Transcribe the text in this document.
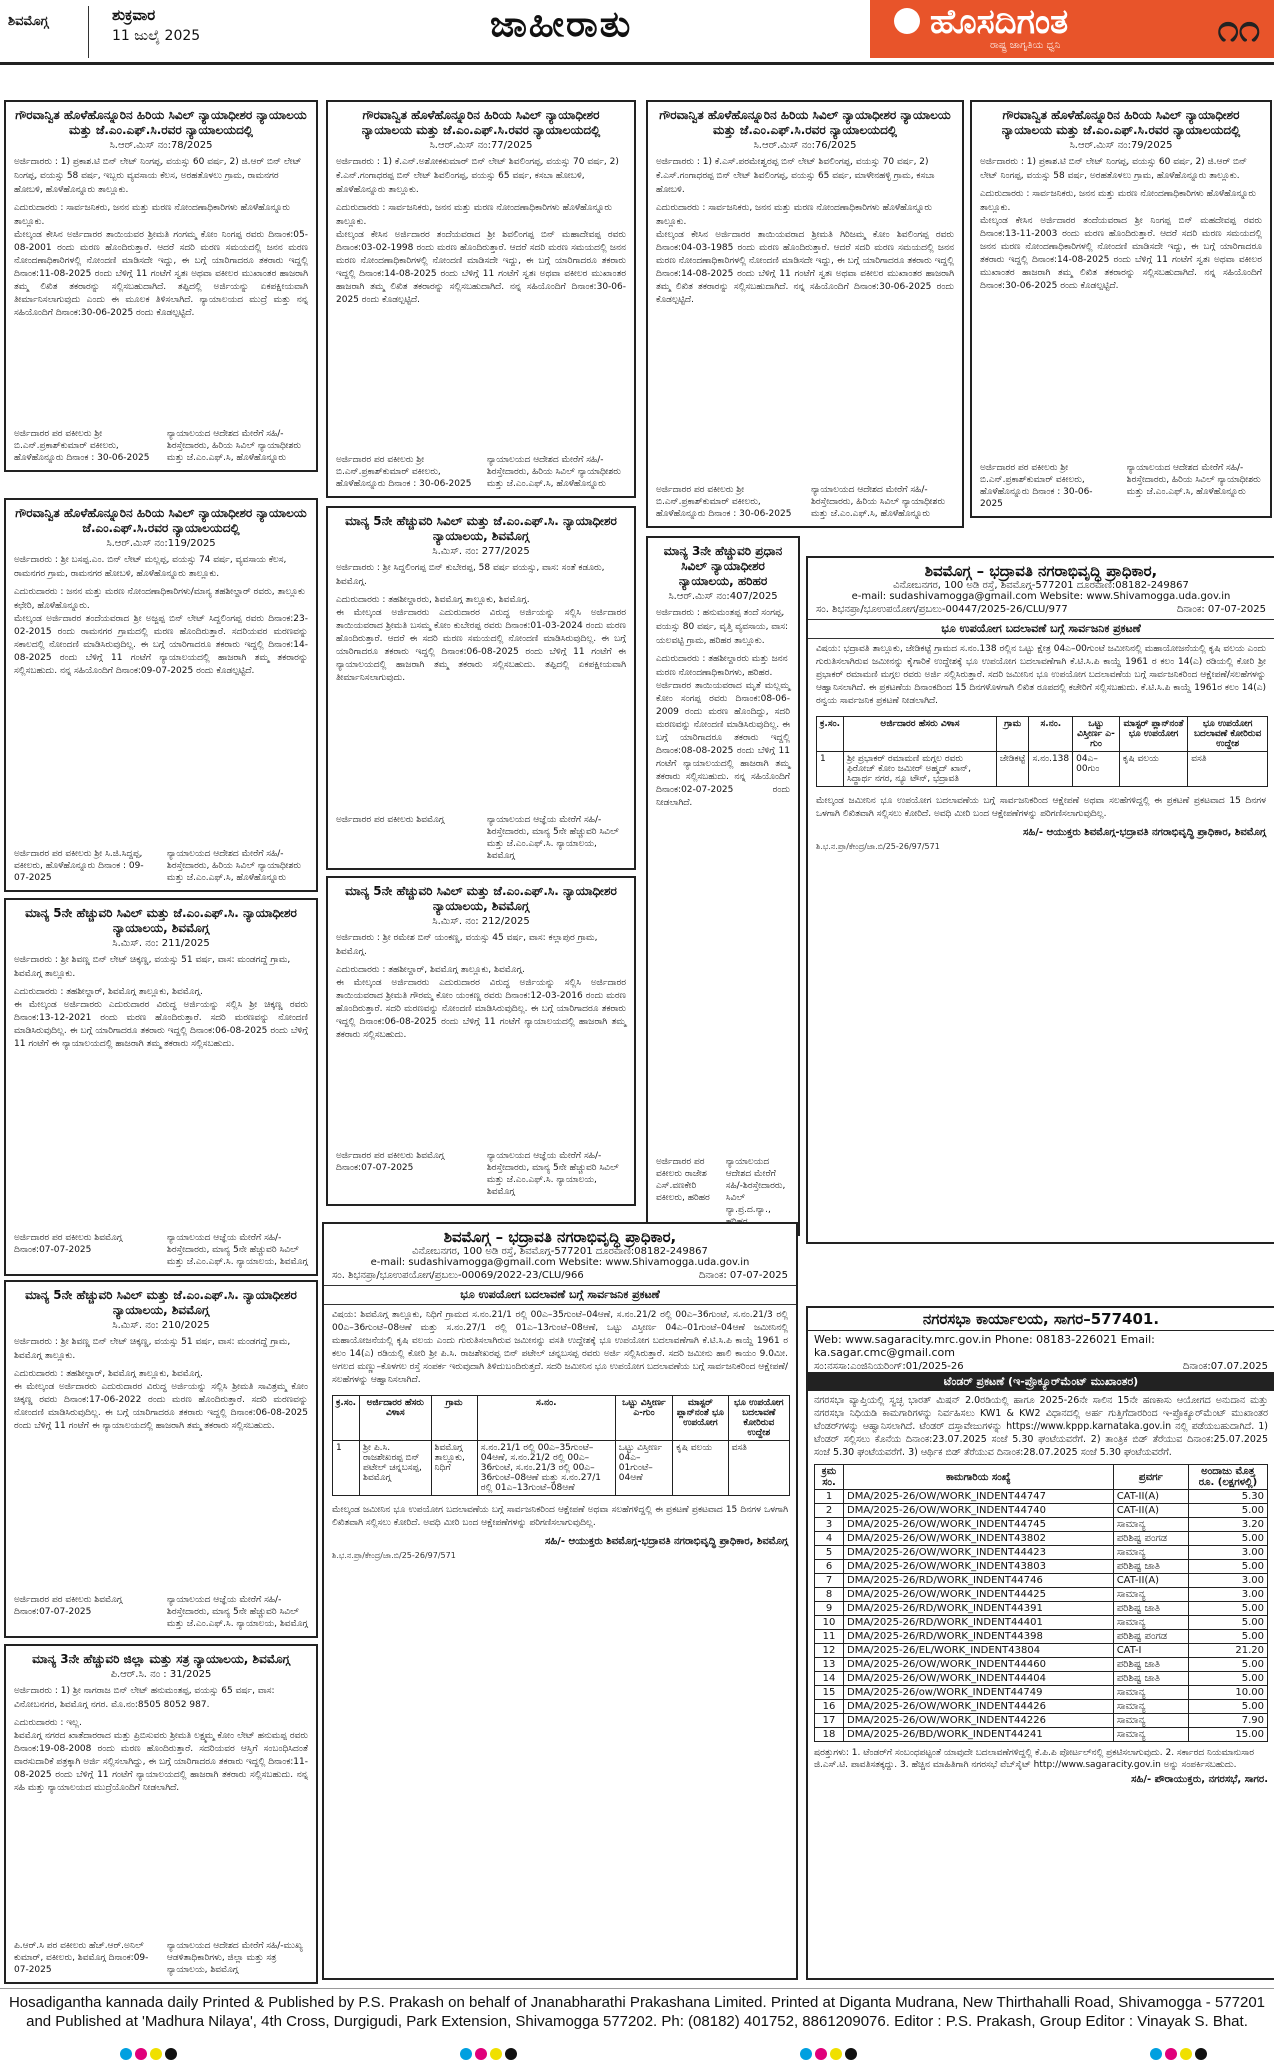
ಶಿವಮೊಗ್ಗ	ಶುಕ್ರವಾರ
11 ಜುಲೈ 2025	ಜಾಹೀರಾತು	ಹೊಸದಿಗಂತ
ರಾಷ್ಟ್ರ ಜಾಗೃತಿಯ ಧ್ವನಿ	೧೧
ಗೌರವಾನ್ವಿತ ಹೊಳೆಹೊನ್ನೂರಿನ ಹಿರಿಯ ಸಿವಿಲ್ ನ್ಯಾಯಾಧೀಶರ ನ್ಯಾಯಾಲಯ ಮತ್ತು ಜೆ.ಎಂ.ಎಫ್.ಸಿ.ರವರ ನ್ಯಾಯಾಲಯದಲ್ಲಿ
ಸಿ.ಆರ್.ಮಿಸ್ ನಂ:78/2025
ಅರ್ಜಿದಾರರು : 1) ಪ್ರಕಾಶ.ಟಿ ಬಿನ್ ಲೇಟ್ ನಿಂಗಪ್ಪ, ವಯಸ್ಸು 60 ವರ್ಷ, 2) ಜಿ.ಆರ್ ಬಿನ್ ಲೇಟ್ ನಿಂಗಪ್ಪ, ವಯಸ್ಸು 58 ವರ್ಷ, ಇಬ್ಬರು ವ್ಯವಸಾಯ ಕೆಲಸ, ಅರಹತೊಳಲು ಗ್ರಾಮ, ರಾಮನಗರ ಹೋಬಳಿ, ಹೊಳೆಹೊನ್ನೂರು ತಾಲ್ಲೂಕು.
ಎದುರುದಾರರು : ಸಾರ್ವಜನಿಕರು, ಜನನ ಮತ್ತು ಮರಣ ನೋಂದಣಾಧಿಕಾರಿಗಳು ಹೊಳೆಹೊನ್ನೂರು ತಾಲ್ಲೂಕು.
ಮೇಲ್ಕಂಡ ಕೇಸಿನ ಅರ್ಜಿದಾರರ ತಾಯಿಯವರ ಶ್ರೀಮತಿ ಗಂಗಮ್ಮ ಕೋಂ ನಿಂಗಪ್ಪ ರವರು ದಿನಾಂಕ:05-08-2001 ರಂದು ಮರಣ ಹೊಂದಿರುತ್ತಾರೆ. ಆದರೆ ಸದರಿ ಮರಣ ಸಮಯದಲ್ಲಿ ಜನನ ಮರಣ ನೋಂದಣಾಧಿಕಾರಿಗಳಲ್ಲಿ ನೋಂದಣಿ ಮಾಡಿಸದೇ ಇದ್ದು, ಈ ಬಗ್ಗೆ ಯಾರಿಗಾದರೂ ತಕರಾರು ಇದ್ದಲ್ಲಿ ದಿನಾಂಕ:11-08-2025 ರಂದು ಬೆಳಿಗ್ಗೆ 11 ಗಂಟೆಗೆ ಸ್ವತಃ ಅಥವಾ ವಕೀಲರ ಮುಖಾಂತರ ಹಾಜರಾಗಿ ತಮ್ಮ ಲಿಖಿತ ತಕರಾರನ್ನು ಸಲ್ಲಿಸಬಹುದಾಗಿದೆ. ತಪ್ಪಿದಲ್ಲಿ ಅರ್ಜಿಯನ್ನು ಏಕಪಕ್ಷೀಯವಾಗಿ ತೀರ್ಮಾನಿಸಲಾಗುವುದು ಎಂದು ಈ ಮೂಲಕ ತಿಳಿಸಲಾಗಿದೆ. ನ್ಯಾಯಾಲಯದ ಮುದ್ರೆ ಮತ್ತು ನನ್ನ ಸಹಿಯೊಂದಿಗೆ ದಿನಾಂಕ:30-06-2025 ರಂದು ಕೊಡಲ್ಪಟ್ಟಿದೆ.
ಅರ್ಜಿದಾರರ ಪರ ವಕೀಲರು ಶ್ರೀ ಬಿ.ಎನ್.ಪ್ರಕಾಶ್‌ಕುಮಾರ್ ವಕೀಲರು, ಹೊಳೆಹೊನ್ನೂರು ದಿನಾಂಕ : 30-06-2025
ನ್ಯಾಯಾಲಯದ ಆದೇಶದ ಮೇರೆಗೆ ಸಹಿ/-ಶಿರಸ್ತೇದಾರರು, ಹಿರಿಯ ಸಿವಿಲ್ ನ್ಯಾಯಾಧೀಶರು ಮತ್ತು ಜೆ.ಎಂ.ಎಫ್.ಸಿ, ಹೊಳೆಹೊನ್ನೂರು
ಗೌರವಾನ್ವಿತ ಹೊಳೆಹೊನ್ನೂರಿನ ಹಿರಿಯ ಸಿವಿಲ್ ನ್ಯಾಯಾಧೀಶರ ನ್ಯಾಯಾಲಯ ಮತ್ತು ಜೆ.ಎಂ.ಎಫ್.ಸಿ.ರವರ ನ್ಯಾಯಾಲಯದಲ್ಲಿ
ಸಿ.ಆರ್.ಮಿಸ್ ನಂ:77/2025
ಅರ್ಜಿದಾರರು : 1) ಕೆ.ಎನ್.ಅಶೋಕಕುಮಾರ್ ಬಿನ್ ಲೇಟ್ ಶಿವಲಿಂಗಪ್ಪ, ವಯಸ್ಸು 70 ವರ್ಷ, 2) ಕೆ.ಎನ್.ಗಂಗಾಧರಪ್ಪ ಬಿನ್ ಲೇಟ್ ಶಿವಲಿಂಗಪ್ಪ, ವಯಸ್ಸು 65 ವರ್ಷ, ಕಸಬಾ ಹೋಬಳಿ, ಹೊಳೆಹೊನ್ನೂರು ತಾಲ್ಲೂಕು.
ಎದುರುದಾರರು : ಸಾರ್ವಜನಿಕರು, ಜನನ ಮತ್ತು ಮರಣ ನೋಂದಣಾಧಿಕಾರಿಗಳು ಹೊಳೆಹೊನ್ನೂರು ತಾಲ್ಲೂಕು.
ಮೇಲ್ಕಂಡ ಕೇಸಿನ ಅರ್ಜಿದಾರರ ತಂದೆಯವರಾದ ಶ್ರೀ ಶಿವಲಿಂಗಪ್ಪ ಬಿನ್ ಮಹಾದೇವಪ್ಪ ರವರು ದಿನಾಂಕ:03-02-1998 ರಂದು ಮರಣ ಹೊಂದಿರುತ್ತಾರೆ. ಆದರೆ ಸದರಿ ಮರಣ ಸಮಯದಲ್ಲಿ ಜನನ ಮರಣ ನೋಂದಣಾಧಿಕಾರಿಗಳಲ್ಲಿ ನೋಂದಣಿ ಮಾಡಿಸದೇ ಇದ್ದು, ಈ ಬಗ್ಗೆ ಯಾರಿಗಾದರೂ ತಕರಾರು ಇದ್ದಲ್ಲಿ ದಿನಾಂಕ:14-08-2025 ರಂದು ಬೆಳಿಗ್ಗೆ 11 ಗಂಟೆಗೆ ಸ್ವತಃ ಅಥವಾ ವಕೀಲರ ಮುಖಾಂತರ ಹಾಜರಾಗಿ ತಮ್ಮ ಲಿಖಿತ ತಕರಾರನ್ನು ಸಲ್ಲಿಸಬಹುದಾಗಿದೆ. ನನ್ನ ಸಹಿಯೊಂದಿಗೆ ದಿನಾಂಕ:30-06-2025 ರಂದು ಕೊಡಲ್ಪಟ್ಟಿದೆ.
ಅರ್ಜಿದಾರರ ಪರ ವಕೀಲರು ಶ್ರೀ ಬಿ.ಎನ್.ಪ್ರಕಾಶ್‌ಕುಮಾರ್ ವಕೀಲರು, ಹೊಳೆಹೊನ್ನೂರು ದಿನಾಂಕ : 30-06-2025
ನ್ಯಾಯಾಲಯದ ಆದೇಶದ ಮೇರೆಗೆ ಸಹಿ/-ಶಿರಸ್ತೇದಾರರು, ಹಿರಿಯ ಸಿವಿಲ್ ನ್ಯಾಯಾಧೀಶರು ಮತ್ತು ಜೆ.ಎಂ.ಎಫ್.ಸಿ, ಹೊಳೆಹೊನ್ನೂರು
ಗೌರವಾನ್ವಿತ ಹೊಳೆಹೊನ್ನೂರಿನ ಹಿರಿಯ ಸಿವಿಲ್ ನ್ಯಾಯಾಧೀಶರ ನ್ಯಾಯಾಲಯ ಮತ್ತು ಜೆ.ಎಂ.ಎಫ್.ಸಿ.ರವರ ನ್ಯಾಯಾಲಯದಲ್ಲಿ
ಸಿ.ಆರ್.ಮಿಸ್ ನಂ:76/2025
ಅರ್ಜಿದಾರರು : 1) ಕೆ.ಎಸ್.ಪರಮೇಶ್ವರಪ್ಪ ಬಿನ್ ಲೇಟ್ ಶಿವಲಿಂಗಪ್ಪ, ವಯಸ್ಸು 70 ವರ್ಷ, 2) ಕೆ.ಎಸ್.ಗಂಗಾಧರಪ್ಪ ಬಿನ್ ಲೇಟ್ ಶಿವಲಿಂಗಪ್ಪ, ವಯಸ್ಸು 65 ವರ್ಷ, ಮಾಳೇನಹಳ್ಳಿ ಗ್ರಾಮ, ಕಸಬಾ ಹೋಬಳಿ.
ಎದುರುದಾರರು : ಸಾರ್ವಜನಿಕರು, ಜನನ ಮತ್ತು ಮರಣ ನೋಂದಣಾಧಿಕಾರಿಗಳು ಹೊಳೆಹೊನ್ನೂರು ತಾಲ್ಲೂಕು.
ಮೇಲ್ಕಂಡ ಕೇಸಿನ ಅರ್ಜಿದಾರರ ತಾಯಿಯವರಾದ ಶ್ರೀಮತಿ ಗಿರಿಜಮ್ಮ ಕೋಂ ಶಿವಲಿಂಗಪ್ಪ ರವರು ದಿನಾಂಕ:04-03-1985 ರಂದು ಮರಣ ಹೊಂದಿರುತ್ತಾರೆ. ಆದರೆ ಸದರಿ ಮರಣ ಸಮಯದಲ್ಲಿ ಜನನ ಮರಣ ನೋಂದಣಾಧಿಕಾರಿಗಳಲ್ಲಿ ನೋಂದಣಿ ಮಾಡಿಸದೇ ಇದ್ದು, ಈ ಬಗ್ಗೆ ಯಾರಿಗಾದರೂ ತಕರಾರು ಇದ್ದಲ್ಲಿ ದಿನಾಂಕ:14-08-2025 ರಂದು ಬೆಳಿಗ್ಗೆ 11 ಗಂಟೆಗೆ ಸ್ವತಃ ಅಥವಾ ವಕೀಲರ ಮುಖಾಂತರ ಹಾಜರಾಗಿ ತಮ್ಮ ಲಿಖಿತ ತಕರಾರನ್ನು ಸಲ್ಲಿಸಬಹುದಾಗಿದೆ. ನನ್ನ ಸಹಿಯೊಂದಿಗೆ ದಿನಾಂಕ:30-06-2025 ರಂದು ಕೊಡಲ್ಪಟ್ಟಿದೆ.
ಅರ್ಜಿದಾರರ ಪರ ವಕೀಲರು ಶ್ರೀ ಬಿ.ಎನ್.ಪ್ರಕಾಶ್‌ಕುಮಾರ್ ವಕೀಲರು, ಹೊಳೆಹೊನ್ನೂರು ದಿನಾಂಕ : 30-06-2025
ನ್ಯಾಯಾಲಯದ ಆದೇಶದ ಮೇರೆಗೆ ಸಹಿ/-ಶಿರಸ್ತೇದಾರರು, ಹಿರಿಯ ಸಿವಿಲ್ ನ್ಯಾಯಾಧೀಶರು ಮತ್ತು ಜೆ.ಎಂ.ಎಫ್.ಸಿ, ಹೊಳೆಹೊನ್ನೂರು
ಗೌರವಾನ್ವಿತ ಹೊಳೆಹೊನ್ನೂರಿನ ಹಿರಿಯ ಸಿವಿಲ್ ನ್ಯಾಯಾಧೀಶರ ನ್ಯಾಯಾಲಯ ಮತ್ತು ಜೆ.ಎಂ.ಎಫ್.ಸಿ.ರವರ ನ್ಯಾಯಾಲಯದಲ್ಲಿ
ಸಿ.ಆರ್.ಮಿಸ್ ನಂ:79/2025
ಅರ್ಜಿದಾರರು : 1) ಪ್ರಕಾಶ.ಟಿ ಬಿನ್ ಲೇಟ್ ನಿಂಗಪ್ಪ, ವಯಸ್ಸು 60 ವರ್ಷ, 2) ಜಿ.ಆರ್ ಬಿನ್ ಲೇಟ್ ನಿಂಗಪ್ಪ, ವಯಸ್ಸು 58 ವರ್ಷ, ಅರಹತೊಳಲು ಗ್ರಾಮ, ಹೊಳೆಹೊನ್ನೂರು ತಾಲ್ಲೂಕು.
ಎದುರುದಾರರು : ಸಾರ್ವಜನಿಕರು, ಜನನ ಮತ್ತು ಮರಣ ನೋಂದಣಾಧಿಕಾರಿಗಳು ಹೊಳೆಹೊನ್ನೂರು ತಾಲ್ಲೂಕು.
ಮೇಲ್ಕಂಡ ಕೇಸಿನ ಅರ್ಜಿದಾರರ ತಂದೆಯವರಾದ ಶ್ರೀ ನಿಂಗಪ್ಪ ಬಿನ್ ಮಹದೇವಪ್ಪ ರವರು ದಿನಾಂಕ:13-11-2003 ರಂದು ಮರಣ ಹೊಂದಿರುತ್ತಾರೆ. ಆದರೆ ಸದರಿ ಮರಣ ಸಮಯದಲ್ಲಿ ಜನನ ಮರಣ ನೋಂದಣಾಧಿಕಾರಿಗಳಲ್ಲಿ ನೋಂದಣಿ ಮಾಡಿಸದೇ ಇದ್ದು, ಈ ಬಗ್ಗೆ ಯಾರಿಗಾದರೂ ತಕರಾರು ಇದ್ದಲ್ಲಿ ದಿನಾಂಕ:14-08-2025 ರಂದು ಬೆಳಿಗ್ಗೆ 11 ಗಂಟೆಗೆ ಸ್ವತಃ ಅಥವಾ ವಕೀಲರ ಮುಖಾಂತರ ಹಾಜರಾಗಿ ತಮ್ಮ ಲಿಖಿತ ತಕರಾರನ್ನು ಸಲ್ಲಿಸಬಹುದಾಗಿದೆ. ನನ್ನ ಸಹಿಯೊಂದಿಗೆ ದಿನಾಂಕ:30-06-2025 ರಂದು ಕೊಡಲ್ಪಟ್ಟಿದೆ.
ಅರ್ಜಿದಾರರ ಪರ ವಕೀಲರು ಶ್ರೀ ಬಿ.ಎನ್.ಪ್ರಕಾಶ್‌ಕುಮಾರ್ ವಕೀಲರು, ಹೊಳೆಹೊನ್ನೂರು ದಿನಾಂಕ : 30-06-2025
ನ್ಯಾಯಾಲಯದ ಆದೇಶದ ಮೇರೆಗೆ ಸಹಿ/-ಶಿರಸ್ತೇದಾರರು, ಹಿರಿಯ ಸಿವಿಲ್ ನ್ಯಾಯಾಧೀಶರು ಮತ್ತು ಜೆ.ಎಂ.ಎಫ್.ಸಿ, ಹೊಳೆಹೊನ್ನೂರು
ಗೌರವಾನ್ವಿತ ಹೊಳೆಹೊನ್ನೂರಿನ ಹಿರಿಯ ಸಿವಿಲ್ ನ್ಯಾಯಾಧೀಶರ ನ್ಯಾಯಾಲಯ ಜೆ.ಎಂ.ಎಫ್.ಸಿ.ರವರ ನ್ಯಾಯಾಲಯದಲ್ಲಿ
ಸಿ.ಆರ್.ಮಿಸ್ ನಂ:119/2025
ಅರ್ಜಿದಾರರು : ಶ್ರೀ ಬಸಪ್ಪ.ಎಂ. ಬಿನ್ ಲೇಟ್ ಮಲ್ಲಪ್ಪ, ವಯಸ್ಸು 74 ವರ್ಷ, ವ್ಯವಸಾಯ ಕೆಲಸ, ರಾಮನಗರ ಗ್ರಾಮ, ರಾಮನಗರ ಹೋಬಳಿ, ಹೊಳೆಹೊನ್ನೂರು ತಾಲ್ಲೂಕು.
ಎದುರುದಾರರು : ಜನನ ಮತ್ತು ಮರಣ ನೋಂದಣಾಧಿಕಾರಿಗಳು/ಮಾನ್ಯ ತಹಶೀಲ್ದಾರ್ ರವರು, ತಾಲ್ಲೂಕು ಕಛೇರಿ, ಹೊಳೆಹೊನ್ನೂರು.
ಮೇಲ್ಕಂಡ ಅರ್ಜಿದಾರರ ತಂದೆಯವರಾದ ಶ್ರೀ ಅಜ್ಜಪ್ಪ ಬಿನ್ ಲೇಟ್ ಸಿದ್ದಲಿಂಗಪ್ಪ ರವರು ದಿನಾಂಕ:23-02-2015 ರಂದು ರಾಮನಗರ ಗ್ರಾಮದಲ್ಲಿ ಮರಣ ಹೊಂದಿರುತ್ತಾರೆ. ಸದರಿಯವರ ಮರಣವನ್ನು ಸಕಾಲದಲ್ಲಿ ನೋಂದಣಿ ಮಾಡಿಸಿರುವುದಿಲ್ಲ. ಈ ಬಗ್ಗೆ ಯಾರಿಗಾದರೂ ತಕರಾರು ಇದ್ದಲ್ಲಿ ದಿನಾಂಕ:14-08-2025 ರಂದು ಬೆಳಿಗ್ಗೆ 11 ಗಂಟೆಗೆ ನ್ಯಾಯಾಲಯದಲ್ಲಿ ಹಾಜರಾಗಿ ತಮ್ಮ ತಕರಾರನ್ನು ಸಲ್ಲಿಸಬಹುದು. ನನ್ನ ಸಹಿಯೊಂದಿಗೆ ದಿನಾಂಕ:09-07-2025 ರಂದು ಕೊಡಲ್ಪಟ್ಟಿದೆ.
ಅರ್ಜಿದಾರರ ಪರ ವಕೀಲರು ಶ್ರೀ ಸಿ.ಜಿ.ಸಿದ್ದಪ್ಪ, ವಕೀಲರು, ಹೊಳೆಹೊನ್ನೂರು ದಿನಾಂಕ : 09-07-2025
ನ್ಯಾಯಾಲಯದ ಆದೇಶದ ಮೇರೆಗೆ ಸಹಿ/-ಶಿರಸ್ತೇದಾರರು, ಹಿರಿಯ ಸಿವಿಲ್ ನ್ಯಾಯಾಧೀಶರು ಮತ್ತು ಜೆ.ಎಂ.ಎಫ್.ಸಿ, ಹೊಳೆಹೊನ್ನೂರು
ಮಾನ್ಯ 5ನೇ ಹೆಚ್ಚುವರಿ ಸಿವಿಲ್ ಮತ್ತು ಜೆ.ಎಂ.ಎಫ್.ಸಿ. ನ್ಯಾಯಾಧೀಶರ ನ್ಯಾಯಾಲಯ, ಶಿವಮೊಗ್ಗ
ಸಿ.ಮಿಸ್. ನಂ: 277/2025
ಅರ್ಜಿದಾರರು : ಶ್ರೀ ಸಿದ್ದಲಿಂಗಪ್ಪ ಬಿನ್ ಕುಬೇರಪ್ಪ, 58 ವರ್ಷ ವಯಸ್ಸು, ವಾಸ: ಸಂತೆ ಕಡೂರು, ಶಿವಮೊಗ್ಗ.
ಎದುರುದಾರರು : ತಹಶೀಲ್ದಾರರು, ಶಿವಮೊಗ್ಗ ತಾಲ್ಲೂಕು, ಶಿವಮೊಗ್ಗ.
ಈ ಮೇಲ್ಕಂಡ ಅರ್ಜಿದಾರರು ಎದುರುದಾರರ ವಿರುದ್ಧ ಅರ್ಜಿಯನ್ನು ಸಲ್ಲಿಸಿ ಅರ್ಜಿದಾರರ ತಾಯಿಯವರಾದ ಶ್ರೀಮತಿ ಬಸಮ್ಮ ಕೋಂ ಕುಬೇರಪ್ಪ ರವರು ದಿನಾಂಕ:01-03-2024 ರಂದು ಮರಣ ಹೊಂದಿರುತ್ತಾರೆ. ಆದರೆ ಈ ಸದರಿ ಮರಣ ಸಮಯದಲ್ಲಿ ನೋಂದಣಿ ಮಾಡಿಸಿರುವುದಿಲ್ಲ. ಈ ಬಗ್ಗೆ ಯಾರಿಗಾದರೂ ತಕರಾರು ಇದ್ದಲ್ಲಿ ದಿನಾಂಕ:06-08-2025 ರಂದು ಬೆಳಿಗ್ಗೆ 11 ಗಂಟೆಗೆ ಈ ನ್ಯಾಯಾಲಯದಲ್ಲಿ ಹಾಜರಾಗಿ ತಮ್ಮ ತಕರಾರು ಸಲ್ಲಿಸಬಹುದು. ತಪ್ಪಿದಲ್ಲಿ ಏಕಪಕ್ಷೀಯವಾಗಿ ತೀರ್ಮಾನಿಸಲಾಗುವುದು.
ಅರ್ಜಿದಾರರ ಪರ ವಕೀಲರು ಶಿವಮೊಗ್ಗ	ನ್ಯಾಯಾಲಯದ ಆಜ್ಞೆಯ ಮೇರೆಗೆ ಸಹಿ/-ಶಿರಸ್ತೇದಾರರು, ಮಾನ್ಯ 5ನೇ ಹೆಚ್ಚುವರಿ ಸಿವಿಲ್ ಮತ್ತು ಜೆ.ಎಂ.ಎಫ್.ಸಿ. ನ್ಯಾಯಾಲಯ, ಶಿವಮೊಗ್ಗ
ಮಾನ್ಯ 3ನೇ ಹೆಚ್ಚುವರಿ ಪ್ರಧಾನ ಸಿವಿಲ್ ನ್ಯಾಯಾಧೀಶರ ನ್ಯಾಯಾಲಯ, ಹರಿಹರ
ಸಿ.ಆರ್.ಮಿಸ್ ನಂ:407/2025
ಅರ್ಜಿದಾರರು : ಹನುಮಂತಪ್ಪ ತಂದೆ ಸಂಗಪ್ಪ, ವಯಸ್ಸು 80 ವರ್ಷ, ವೃತ್ತಿ ವ್ಯವಸಾಯ, ವಾಸ: ಯಲವಟ್ಟಿ ಗ್ರಾಮ, ಹರಿಹರ ತಾಲ್ಲೂಕು.
ಎದುರುದಾರರು : ತಹಶೀಲ್ದಾರರು ಮತ್ತು ಜನನ ಮರಣ ನೋಂದಣಾಧಿಕಾರಿಗಳು, ಹರಿಹರ.
ಅರ್ಜಿದಾರರ ತಾಯಿಯವರಾದ ಮೃತೆ ಮಲ್ಲಮ್ಮ ಕೋಂ ಸಂಗಪ್ಪ ರವರು ದಿನಾಂಕ:08-06-2009 ರಂದು ಮರಣ ಹೊಂದಿದ್ದು, ಸದರಿ ಮರಣವನ್ನು ನೋಂದಣಿ ಮಾಡಿಸಿರುವುದಿಲ್ಲ. ಈ ಬಗ್ಗೆ ಯಾರಿಗಾದರೂ ತಕರಾರು ಇದ್ದಲ್ಲಿ ದಿನಾಂಕ:08-08-2025 ರಂದು ಬೆಳಿಗ್ಗೆ 11 ಗಂಟೆಗೆ ನ್ಯಾಯಾಲಯದಲ್ಲಿ ಹಾಜರಾಗಿ ತಮ್ಮ ತಕರಾರು ಸಲ್ಲಿಸಬಹುದು. ನನ್ನ ಸಹಿಯೊಂದಿಗೆ ದಿನಾಂಕ:02-07-2025 ರಂದು ನೀಡಲಾಗಿದೆ.
ಅರ್ಜಿದಾರರ ಪರ ವಕೀಲರು ರಾಜೇಶ ಎಸ್.ವಣಕೇರಿ ವಕೀಲರು, ಹರಿಹರ
ನ್ಯಾಯಾಲಯದ ಆದೇಶದ ಮೇರೆಗೆ ಸಹಿ/-ಶಿರಸ್ತೇದಾರರು, ಸಿವಿಲ್ ನ್ಯಾ.ಪ್ರ.ದ.ನ್ಯಾ.,
ಮಾನ್ಯ 5ನೇ ಹೆಚ್ಚುವರಿ ಸಿವಿಲ್ ಮತ್ತು ಜೆ.ಎಂ.ಎಫ್.ಸಿ. ನ್ಯಾಯಾಧೀಶರ ನ್ಯಾಯಾಲಯ, ಶಿವಮೊಗ್ಗ
ಸಿ.ಮಿಸ್. ನಂ: 211/2025
ಅರ್ಜಿದಾರರು : ಶ್ರೀ ಶಿವಣ್ಣ ಬಿನ್ ಲೇಟ್ ಚಿಕ್ಕಣ್ಣ, ವಯಸ್ಸು 51 ವರ್ಷ, ವಾಸ: ಮಂಡಗದ್ದೆ ಗ್ರಾಮ, ಶಿವಮೊಗ್ಗ ತಾಲ್ಲೂಕು.
ಎದುರುದಾರರು : ತಹಶೀಲ್ದಾರ್, ಶಿವಮೊಗ್ಗ ತಾಲ್ಲೂಕು, ಶಿವಮೊಗ್ಗ.
ಈ ಮೇಲ್ಕಂಡ ಅರ್ಜಿದಾರರು ಎದುರುದಾರರ ವಿರುದ್ಧ ಅರ್ಜಿಯನ್ನು ಸಲ್ಲಿಸಿ ಶ್ರೀ ಚಿಕ್ಕಣ್ಣ ರವರು ದಿನಾಂಕ:13-12-2021 ರಂದು ಮರಣ ಹೊಂದಿರುತ್ತಾರೆ. ಸದರಿ ಮರಣವನ್ನು ನೋಂದಣಿ ಮಾಡಿಸಿರುವುದಿಲ್ಲ. ಈ ಬಗ್ಗೆ ಯಾರಿಗಾದರೂ ತಕರಾರು ಇದ್ದಲ್ಲಿ ದಿನಾಂಕ:06-08-2025 ರಂದು ಬೆಳಿಗ್ಗೆ 11 ಗಂಟೆಗೆ ಈ ನ್ಯಾಯಾಲಯದಲ್ಲಿ ಹಾಜರಾಗಿ ತಮ್ಮ ತಕರಾರು ಸಲ್ಲಿಸಬಹುದು.
ಅರ್ಜಿದಾರರ ಪರ ವಕೀಲರು ಶಿವಮೊಗ್ಗ ದಿನಾಂಕ:07-07-2025
ನ್ಯಾಯಾಲಯದ ಆಜ್ಞೆಯ ಮೇರೆಗೆ ಸಹಿ/-ಶಿರಸ್ತೇದಾರರು, ಮಾನ್ಯ 5ನೇ ಹೆಚ್ಚುವರಿ ಸಿವಿಲ್ ಮತ್ತು ಜೆ.ಎಂ.ಎಫ್.ಸಿ. ನ್ಯಾಯಾಲಯ, ಶಿವಮೊಗ್ಗ
ಮಾನ್ಯ 5ನೇ ಹೆಚ್ಚುವರಿ ಸಿವಿಲ್ ಮತ್ತು ಜೆ.ಎಂ.ಎಫ್.ಸಿ. ನ್ಯಾಯಾಧೀಶರ ನ್ಯಾಯಾಲಯ, ಶಿವಮೊಗ್ಗ
ಸಿ.ಮಿಸ್. ನಂ: 212/2025
ಅರ್ಜಿದಾರರು : ಶ್ರೀ ರಮೇಶ ಬಿನ್ ಯಂಕಣ್ಣ, ವಯಸ್ಸು 45 ವರ್ಷ, ವಾಸ: ಕಲ್ಲಾಪುರ ಗ್ರಾಮ, ಶಿವಮೊಗ್ಗ.
ಎದುರುದಾರರು : ತಹಶೀಲ್ದಾರ್, ಶಿವಮೊಗ್ಗ ತಾಲ್ಲೂಕು, ಶಿವಮೊಗ್ಗ.
ಈ ಮೇಲ್ಕಂಡ ಅರ್ಜಿದಾರರು ಎದುರುದಾರರ ವಿರುದ್ಧ ಅರ್ಜಿಯನ್ನು ಸಲ್ಲಿಸಿ ಅರ್ಜಿದಾರರ ತಾಯಿಯವರಾದ ಶ್ರೀಮತಿ ಗೌರಮ್ಮ ಕೋಂ ಯಂಕಣ್ಣ ರವರು ದಿನಾಂಕ:12-03-2016 ರಂದು ಮರಣ ಹೊಂದಿರುತ್ತಾರೆ. ಸದರಿ ಮರಣವನ್ನು ನೋಂದಣಿ ಮಾಡಿಸಿರುವುದಿಲ್ಲ. ಈ ಬಗ್ಗೆ ಯಾರಿಗಾದರೂ ತಕರಾರು ಇದ್ದಲ್ಲಿ ದಿನಾಂಕ:06-08-2025 ರಂದು ಬೆಳಿಗ್ಗೆ 11 ಗಂಟೆಗೆ ನ್ಯಾಯಾಲಯದಲ್ಲಿ ಹಾಜರಾಗಿ ತಮ್ಮ ತಕರಾರು ಸಲ್ಲಿಸಬಹುದು.
ಅರ್ಜಿದಾರರ ಪರ ವಕೀಲರು ಶಿವಮೊಗ್ಗ ದಿನಾಂಕ:07-07-2025
ನ್ಯಾಯಾಲಯದ ಆಜ್ಞೆಯ ಮೇರೆಗೆ ಸಹಿ/-ಶಿರಸ್ತೇದಾರರು, ಮಾನ್ಯ 5ನೇ ಹೆಚ್ಚುವರಿ ಸಿವಿಲ್ ಮತ್ತು ಜೆ.ಎಂ.ಎಫ್.ಸಿ. ನ್ಯಾಯಾಲಯ, ಶಿವಮೊಗ್ಗ
ಮಾನ್ಯ 5ನೇ ಹೆಚ್ಚುವರಿ ಸಿವಿಲ್ ಮತ್ತು ಜೆ.ಎಂ.ಎಫ್.ಸಿ. ನ್ಯಾಯಾಧೀಶರ ನ್ಯಾಯಾಲಯ, ಶಿವಮೊಗ್ಗ
ಸಿ.ಮಿಸ್. ನಂ: 210/2025
ಅರ್ಜಿದಾರರು : ಶ್ರೀ ಶಿವಣ್ಣ ಬಿನ್ ಲೇಟ್ ಚಿಕ್ಕಣ್ಣ, ವಯಸ್ಸು 51 ವರ್ಷ, ವಾಸ: ಮಂಡಗದ್ದೆ ಗ್ರಾಮ, ಶಿವಮೊಗ್ಗ ತಾಲ್ಲೂಕು.
ಎದುರುದಾರರು : ತಹಶೀಲ್ದಾರ್, ಶಿವಮೊಗ್ಗ ತಾಲ್ಲೂಕು, ಶಿವಮೊಗ್ಗ.
ಈ ಮೇಲ್ಕಂಡ ಅರ್ಜಿದಾರರು ಎದುರುದಾರರ ವಿರುದ್ಧ ಅರ್ಜಿಯನ್ನು ಸಲ್ಲಿಸಿ ಶ್ರೀಮತಿ ಸಾವಿತ್ರಮ್ಮ ಕೋಂ ಚಿಕ್ಕಣ್ಣ ರವರು ದಿನಾಂಕ:17-06-2022 ರಂದು ಮರಣ ಹೊಂದಿರುತ್ತಾರೆ. ಸದರಿ ಮರಣವನ್ನು ನೋಂದಣಿ ಮಾಡಿಸಿರುವುದಿಲ್ಲ. ಈ ಬಗ್ಗೆ ಯಾರಿಗಾದರೂ ತಕರಾರು ಇದ್ದಲ್ಲಿ ದಿನಾಂಕ:06-08-2025 ರಂದು ಬೆಳಿಗ್ಗೆ 11 ಗಂಟೆಗೆ ಈ ನ್ಯಾಯಾಲಯದಲ್ಲಿ ಹಾಜರಾಗಿ ತಮ್ಮ ತಕರಾರು ಸಲ್ಲಿಸಬಹುದು.
ಅರ್ಜಿದಾರರ ಪರ ವಕೀಲರು ಶಿವಮೊಗ್ಗ ದಿನಾಂಕ:07-07-2025
ನ್ಯಾಯಾಲಯದ ಆಜ್ಞೆಯ ಮೇರೆಗೆ ಸಹಿ/-ಶಿರಸ್ತೇದಾರರು, ಮಾನ್ಯ 5ನೇ ಹೆಚ್ಚುವರಿ ಸಿವಿಲ್ ಮತ್ತು ಜೆ.ಎಂ.ಎಫ್.ಸಿ. ನ್ಯಾಯಾಲಯ, ಶಿವಮೊಗ್ಗ
ಮಾನ್ಯ 3ನೇ ಹೆಚ್ಚುವರಿ ಜಿಲ್ಲಾ ಮತ್ತು ಸತ್ರ ನ್ಯಾಯಾಲಯ, ಶಿವಮೊಗ್ಗ
ಪಿ.ಆರ್.ಸಿ. ನಂ : 31/2025
ಅರ್ಜಿದಾರರು : 1) ಶ್ರೀ ನಾಗರಾಜ ಬಿನ್ ಲೇಟ್ ಹನುಮಂತಪ್ಪ, ವಯಸ್ಸು 65 ವರ್ಷ, ವಾಸ: ವಿನೋಬನಗರ, ಶಿವಮೊಗ್ಗ ನಗರ. ಮೊ.ನಂ:8505 8052 987.
ಎದುರುದಾರರು : ಇಲ್ಲ.
ಶಿವಮೊಗ್ಗ ನಗರದ ಖಾತೆದಾರರಾದ ಮತ್ತು ಪ್ರಿಬಿಸುವರು ಶ್ರೀಮತಿ ಲಕ್ಷ್ಮಮ್ಮ ಕೋಂ ಲೇಟ್ ಹನುಮಪ್ಪ ರವರು ದಿನಾಂಕ:19-08-2008 ರಂದು ಮರಣ ಹೊಂದಿರುತ್ತಾರೆ. ಸದರಿಯವರ ಆಸ್ತಿಗೆ ಸಂಬಂಧಿಸಿದಂತೆ ವಾರಸುದಾರಿಕೆ ಪತ್ರಕ್ಕಾಗಿ ಅರ್ಜಿ ಸಲ್ಲಿಸಲಾಗಿದ್ದು, ಈ ಬಗ್ಗೆ ಯಾರಿಗಾದರೂ ತಕರಾರು ಇದ್ದಲ್ಲಿ ದಿನಾಂಕ:11-08-2025 ರಂದು ಬೆಳಿಗ್ಗೆ 11 ಗಂಟೆಗೆ ನ್ಯಾಯಾಲಯದಲ್ಲಿ ಹಾಜರಾಗಿ ತಕರಾರು ಸಲ್ಲಿಸಬಹುದು. ನನ್ನ ಸಹಿ ಮತ್ತು ನ್ಯಾಯಾಲಯದ ಮುದ್ರೆಯೊಂದಿಗೆ ನೀಡಲಾಗಿದೆ.
ಪಿ.ಆರ್.ಸಿ ಪರ ವಕೀಲರು ಹೆಚ್.ಆರ್.ಅನಿಲ್ ಕುಮಾರ್, ವಕೀಲರು, ಶಿವಮೊಗ್ಗ ದಿನಾಂಕ:09-07-2025
ನ್ಯಾಯಾಲಯದ ಆದೇಶದ ಮೇರೆಗೆ ಸಹಿ/-ಮುಖ್ಯ ಆಡಳಿತಾಧಿಕಾರಿಗಳು, ಜಿಲ್ಲಾ ಮತ್ತು ಸತ್ರ ನ್ಯಾಯಾಲಯ, ಶಿವಮೊಗ್ಗ
ಶಿವಮೊಗ್ಗ – ಭದ್ರಾವತಿ ನಗರಾಭಿವೃದ್ಧಿ ಪ್ರಾಧಿಕಾರ,
ವಿನೋಬನಗರ, 100 ಅಡಿ ರಸ್ತೆ, ಶಿವಮೊಗ್ಗ-577201 ದೂರವಾಣಿ:08182-249867
e-mail: sudashivamogga@gmail.com Website: www.Shivamogga.uda.gov.in
ಸಂ. ಶಿಭನಪ್ರಾ/ಭೂಉಪಯೋಗ/ಪ್ರಬಲು-00447/2025-26/CLU/977	ದಿನಾಂಕ: 07-07-2025
ಭೂ ಉಪಯೋಗ ಬದಲಾವಣೆ ಬಗ್ಗೆ ಸಾರ್ವಜನಿಕ ಪ್ರಕಟಣೆ
ವಿಷಯ: ಭದ್ರಾವತಿ ತಾಲ್ಲೂಕು, ಜೇಡಿಕಟ್ಟೆ ಗ್ರಾಮದ ಸ.ನಂ.138 ರಲ್ಲಿನ ಒಟ್ಟು ಕ್ಷೇತ್ರ 04ಎ–00ಗುಂಟೆ ಜಮೀನಿನಲ್ಲಿ ಮಹಾಯೋಜನೆಯಲ್ಲಿ ಕೃಷಿ ವಲಯ ಎಂದು ಗುರುತಿಸಲಾಗಿರುವ ಜಮೀನನ್ನು ಕೈಗಾರಿಕೆ ಉದ್ದೇಶಕ್ಕೆ ಭೂ ಉಪಯೋಗ ಬದಲಾವಣೆಗಾಗಿ ಕೆ.ಟಿ.ಸಿ.ಪಿ ಕಾಯ್ದೆ 1961 ರ ಕಲಂ 14(ಎ) ರಡಿಯಲ್ಲಿ ಕೋರಿ ಶ್ರೀ ಪ್ರಭಾಕರ್ ರಮಾಮಣಿ ಮಗ್ಗಲ ರವರು ಅರ್ಜಿ ಸಲ್ಲಿಸಿರುತ್ತಾರೆ. ಸದರಿ ಜಮೀನಿನ ಭೂ ಉಪಯೋಗ ಬದಲಾವಣೆಯ ಬಗ್ಗೆ ಸಾರ್ವಜನಿಕರಿಂದ ಆಕ್ಷೇಪಣೆ/ಸಲಹೆಗಳನ್ನು ಆಹ್ವಾನಿಸಲಾಗಿದೆ. ಈ ಪ್ರಕಟಣೆಯ ದಿನಾಂಕದಿಂದ 15 ದಿನಗಳೊಳಗಾಗಿ ಲಿಖಿತ ರೂಪದಲ್ಲಿ ಕಚೇರಿಗೆ ಸಲ್ಲಿಸಬಹುದು. ಕೆ.ಟಿ.ಸಿ.ಪಿ ಕಾಯ್ದೆ 1961ರ ಕಲಂ 14(ಎ) ರನ್ವಯ ಸಾರ್ವಜನಿಕ ಪ್ರಕಟಣೆ ನೀಡಲಾಗಿದೆ.
ಕ್ರ.ಸಂ.	ಅರ್ಜಿದಾರರ ಹೆಸರು ವಿಳಾಸ	ಗ್ರಾಮ	ಸ.ನಂ.	ಒಟ್ಟು ವಿಸ್ತೀರ್ಣ ಎ-ಗುಂ	ಮಾಸ್ಟರ್ ಪ್ಲಾನ್‌ನಂತೆ ಭೂ ಉಪಯೋಗ	ಭೂ ಉಪಯೋಗ ಬದಲಾವಣೆ ಕೋರಿರುವ ಉದ್ದೇಶ
1	ಶ್ರೀ ಪ್ರಭಾಕರ್ ರಮಾಮಣಿ ಮಗ್ಗಲ ರವರು ಫಿರೋಜ್ ಕೋಂ ಜಮೀರ್ ಅಹ್ಮದ್ ಖಾನ್, ಸಿದ್ಧಾರ್ಥ ನಗರ, ನ್ಯೂ ಟೌನ್, ಭದ್ರಾವತಿ	ಜೇಡಿಕಟ್ಟೆ	ಸ.ನಂ.138	04ಎ–00ಗುಂ	ಕೃಷಿ ವಲಯ	ವಸತಿ
ಮೇಲ್ಕಂಡ ಜಮೀನಿನ ಭೂ ಉಪಯೋಗ ಬದಲಾವಣೆಯ ಬಗ್ಗೆ ಸಾರ್ವಜನಿಕರಿಂದ ಆಕ್ಷೇಪಣೆ ಅಥವಾ ಸಲಹೆಗಳಿದ್ದಲ್ಲಿ ಈ ಪ್ರಕಟಣೆ ಪ್ರಕಟವಾದ 15 ದಿನಗಳ ಒಳಗಾಗಿ ಲಿಖಿತವಾಗಿ ಸಲ್ಲಿಸಲು ಕೋರಿದೆ. ಅವಧಿ ಮೀರಿ ಬಂದ ಆಕ್ಷೇಪಣೆಗಳನ್ನು ಪರಿಗಣಿಸಲಾಗುವುದಿಲ್ಲ.
ಸಹಿ/- ಆಯುಕ್ತರು ಶಿವಮೊಗ್ಗ-ಭದ್ರಾವತಿ ನಗರಾಭಿವೃದ್ಧಿ ಪ್ರಾಧಿಕಾರ, ಶಿವಮೊಗ್ಗ
ಶಿ.ಭ.ನ.ಪ್ರಾ/ಕೇಂದ್ರ/ಜಾ.ಬಿ/25-26/97/571
ಶಿವಮೊಗ್ಗ – ಭದ್ರಾವತಿ ನಗರಾಭಿವೃದ್ಧಿ ಪ್ರಾಧಿಕಾರ,
ವಿನೋಬನಗರ, 100 ಅಡಿ ರಸ್ತೆ, ಶಿವಮೊಗ್ಗ-577201 ದೂರವಾಣಿ:08182-249867
e-mail: sudashivamogga@gmail.com Website: www.Shivamogga.uda.gov.in
ಸಂ. ಶಿಭನಪ್ರಾ/ಭೂಉಪಯೋಗ/ಪ್ರಬಲು-00069/2022-23/CLU/966	ದಿನಾಂಕ: 07-07-2025
ಭೂ ಉಪಯೋಗ ಬದಲಾವಣೆ ಬಗ್ಗೆ ಸಾರ್ವಜನಿಕ ಪ್ರಕಟಣೆ
ವಿಷಯ: ಶಿವಮೊಗ್ಗ ತಾಲ್ಲೂಕು, ನಿಧಿಗೆ ಗ್ರಾಮದ ಸ.ನಂ.21/1 ರಲ್ಲಿ 00ಎ–35ಗುಂಟೆ–04ಆಣೆ, ಸ.ನಂ.21/2 ರಲ್ಲಿ 00ಎ–36ಗುಂಟೆ, ಸ.ನಂ.21/3 ರಲ್ಲಿ 00ಎ–36ಗುಂಟೆ–08ಆಣೆ ಮತ್ತು ಸ.ನಂ.27/1 ರಲ್ಲಿ 01ಎ–13ಗುಂಟೆ–08ಆಣೆ, ಒಟ್ಟು ವಿಸ್ತೀರ್ಣ 04ಎ–01ಗುಂಟೆ–04ಆಣೆ ಜಮೀನಿನಲ್ಲಿ ಮಹಾಯೋಜನೆಯಲ್ಲಿ ಕೃಷಿ ವಲಯ ಎಂದು ಗುರುತಿಸಲಾಗಿರುವ ಜಮೀನನ್ನು ವಸತಿ ಉದ್ದೇಶಕ್ಕೆ ಭೂ ಉಪಯೋಗ ಬದಲಾವಣೆಗಾಗಿ ಕೆ.ಟಿ.ಸಿ.ಪಿ ಕಾಯ್ದೆ 1961 ರ ಕಲಂ 14(ಎ) ರಡಿಯಲ್ಲಿ ಕೋರಿ ಶ್ರೀ ಪಿ.ಸಿ. ರಾಜಶೇಖರಪ್ಪ ಬಿನ್ ಪಟೇಲ್ ಚನ್ನಬಸಪ್ಪ ರವರು ಅರ್ಜಿ ಸಲ್ಲಿಸಿರುತ್ತಾರೆ. ಸದರಿ ಜಮೀನು ಹಾಲಿ ಕಾಯಂ 9.0ಮೀ. ಅಗಲದ ಮಣ್ಣು–ಕೊಳಗಲ ರಸ್ತೆ ಸಂಪರ್ಕ ಇರುವುದಾಗಿ ತಿಳಿದುಬಂದಿರುತ್ತದೆ. ಸದರಿ ಜಮೀನಿನ ಭೂ ಉಪಯೋಗ ಬದಲಾವಣೆಯ ಬಗ್ಗೆ ಸಾರ್ವಜನಿಕರಿಂದ ಆಕ್ಷೇಪಣೆ/ಸಲಹೆಗಳನ್ನು ಆಹ್ವಾನಿಸಲಾಗಿದೆ.
ಕ್ರ.ಸಂ.	ಅರ್ಜಿದಾರರ ಹೆಸರು ವಿಳಾಸ	ಗ್ರಾಮ	ಸ.ನಂ.	ಒಟ್ಟು ವಿಸ್ತೀರ್ಣ ಎ-ಗುಂ	ಮಾಸ್ಟರ್ ಪ್ಲಾನ್‌ನಂತೆ ಭೂ ಉಪಯೋಗ	ಭೂ ಉಪಯೋಗ ಬದಲಾವಣೆ ಕೋರಿರುವ ಉದ್ದೇಶ
1	ಶ್ರೀ ಪಿ.ಸಿ. ರಾಜಶೇಖರಪ್ಪ ಬಿನ್ ಪಟೇಲ್ ಚನ್ನಬಸಪ್ಪ, ಶಿವಮೊಗ್ಗ	ಶಿವಮೊಗ್ಗ ತಾಲ್ಲೂಕು, ನಿಧಿಗೆ	ಸ.ನಂ.21/1 ರಲ್ಲಿ 00ಎ–35ಗುಂಟೆ–04ಆಣೆ, ಸ.ನಂ.21/2 ರಲ್ಲಿ 00ಎ–36ಗುಂಟೆ, ಸ.ನಂ.21/3 ರಲ್ಲಿ 00ಎ–36ಗುಂಟೆ–08ಆಣೆ ಮತ್ತು ಸ.ನಂ.27/1 ರಲ್ಲಿ 01ಎ–13ಗುಂಟೆ–08ಆಣೆ	ಒಟ್ಟು ವಿಸ್ತೀರ್ಣ 04ಎ–01ಗುಂಟೆ–04ಆಣೆ	ಕೃಷಿ ವಲಯ	ವಸತಿ
ಮೇಲ್ಕಂಡ ಜಮೀನಿನ ಭೂ ಉಪಯೋಗ ಬದಲಾವಣೆಯ ಬಗ್ಗೆ ಸಾರ್ವಜನಿಕರಿಂದ ಆಕ್ಷೇಪಣೆ ಅಥವಾ ಸಲಹೆಗಳಿದ್ದಲ್ಲಿ ಈ ಪ್ರಕಟಣೆ ಪ್ರಕಟವಾದ 15 ದಿನಗಳ ಒಳಗಾಗಿ ಲಿಖಿತವಾಗಿ ಸಲ್ಲಿಸಲು ಕೋರಿದೆ. ಅವಧಿ ಮೀರಿ ಬಂದ ಆಕ್ಷೇಪಣೆಗಳನ್ನು ಪರಿಗಣಿಸಲಾಗುವುದಿಲ್ಲ.
ಸಹಿ/- ಆಯುಕ್ತರು ಶಿವಮೊಗ್ಗ-ಭದ್ರಾವತಿ ನಗರಾಭಿವೃದ್ಧಿ ಪ್ರಾಧಿಕಾರ, ಶಿವಮೊಗ್ಗ
ಶಿ.ಭ.ನ.ಪ್ರಾ/ಕೇಂದ್ರ/ಜಾ.ಬಿ/25-26/97/571
ನಗರಸಭಾ ಕಾರ್ಯಾಲಯ, ಸಾಗರ–577401.
Web: www.sagaracity.mrc.gov.in Phone: 08183-226021 Email: ka.sagar.cmc@gmail.com
ಸಂ:ನಸಸಾ:ಎಂಜಿನಿಯರಿಂಗ್:01/2025-26	ದಿನಾಂಕ:07.07.2025
ಟೆಂಡರ್ ಪ್ರಕಟಣೆ (ಇ-ಪ್ರೊಕ್ಯೂರ್‌ಮೆಂಟ್ ಮುಖಾಂತರ)
ನಗರಸಭಾ ವ್ಯಾಪ್ತಿಯಲ್ಲಿ ಸ್ವಚ್ಛ ಭಾರತ್ ಮಿಷನ್ 2.0ರಡಿಯಲ್ಲಿ ಹಾಗೂ 2025-26ನೇ ಸಾಲಿನ 15ನೇ ಹಣಕಾಸು ಆಯೋಗದ ಅನುದಾನ ಮತ್ತು ನಗರಸಭಾ ನಿಧಿಯಡಿ ಕಾಮಗಾರಿಗಳನ್ನು ನಿರ್ವಹಿಸಲು KW1 & KW2 ವಿಧಾನದಲ್ಲಿ ಅರ್ಹ ಗುತ್ತಿಗೆದಾರರಿಂದ ಇ-ಪ್ರೊಕ್ಯೂರ್‌ಮೆಂಟ್ ಮುಖಾಂತರ ಟೆಂಡರ್‌ಗಳನ್ನು ಆಹ್ವಾನಿಸಲಾಗಿದೆ. ಟೆಂಡರ್ ದಸ್ತಾವೇಜುಗಳನ್ನು https://www.kppp.karnataka.gov.in ನಲ್ಲಿ ಪಡೆಯಬಹುದಾಗಿದೆ. 1) ಟೆಂಡರ್ ಸಲ್ಲಿಸಲು ಕೊನೆಯ ದಿನಾಂಕ:23.07.2025 ಸಂಜೆ 5.30 ಘಂಟೆಯವರೆಗೆ. 2) ತಾಂತ್ರಿಕ ಬಿಡ್ ತೆರೆಯುವ ದಿನಾಂಕ:25.07.2025 ಸಂಜೆ 5.30 ಘಂಟೆಯವರೆಗೆ. 3) ಆರ್ಥಿಕ ಬಿಡ್ ತೆರೆಯುವ ದಿನಾಂಕ:28.07.2025 ಸಂಜೆ 5.30 ಘಂಟೆಯವರೆಗೆ.
ಕ್ರಮ ಸಂ.	ಕಾಮಗಾರಿಯ ಸಂಖ್ಯೆ	ಪ್ರವರ್ಗ	ಅಂದಾಜು ಮೊತ್ತ ರೂ. (ಲಕ್ಷಗಳಲ್ಲಿ)
1	DMA/2025-26/OW/WORK_INDENT44747	CAT-II(A)	5.30
2	DMA/2025-26/OW/WORK_INDENT44740	CAT-II(A)	5.00
3	DMA/2025-26/OW/WORK_INDENT44745	ಸಾಮಾನ್ಯ	3.20
4	DMA/2025-26/OW/WORK_INDENT43802	ಪರಿಶಿಷ್ಟ ಪಂಗಡ	5.00
5	DMA/2025-26/OW/WORK_INDENT44423	ಸಾಮಾನ್ಯ	3.00
6	DMA/2025-26/OW/WORK_INDENT43803	ಪರಿಶಿಷ್ಟ ಜಾತಿ	5.00
7	DMA/2025-26/RD/WORK_INDENT44746	CAT-II(A)	3.00
8	DMA/2025-26/OW/WORK_INDENT44425	ಸಾಮಾನ್ಯ	3.00
9	DMA/2025-26/RD/WORK_INDENT44391	ಪರಿಶಿಷ್ಟ ಜಾತಿ	5.00
10	DMA/2025-26/RD/WORK_INDENT44401	ಸಾಮಾನ್ಯ	5.00
11	DMA/2025-26/RD/WORK_INDENT44398	ಪರಿಶಿಷ್ಟ ಪಂಗಡ	5.00
12	DMA/2025-26/EL/WORK_INDENT43804	CAT-I	21.20
13	DMA/2025-26/OW/WORK_INDENT44460	ಪರಿಶಿಷ್ಟ ಜಾತಿ	5.00
14	DMA/2025-26/OW/WORK_INDENT44404	ಪರಿಶಿಷ್ಟ ಜಾತಿ	5.00
15	DMA/2025-26/ow/WORK_INDENT44749	ಸಾಮಾನ್ಯ	10.00
16	DMA/2025-26/OW/WORK_INDENT44426	ಸಾಮಾನ್ಯ	5.00
17	DMA/2025-26/OW/WORK_INDENT44226	ಸಾಮಾನ್ಯ	7.90
18	DMA/2025-26/BD/WORK_INDENT44241	ಸಾಮಾನ್ಯ	15.00
ಷರತ್ತುಗಳು: 1. ಟೆಂಡರ್‌ಗೆ ಸಂಬಂಧಪಟ್ಟಂತೆ ಯಾವುದೇ ಬದಲಾವಣೆಗಳಿದ್ದಲ್ಲಿ ಕೆ.ಪಿ.ಪಿ ಪೋರ್ಟಲ್‌ನಲ್ಲಿ ಪ್ರಕಟಿಸಲಾಗುವುದು. 2. ಸರ್ಕಾರದ ನಿಯಮಾನುಸಾರ ಜಿ.ಎಸ್.ಟಿ. ಪಾವತಿಸತಕ್ಕದ್ದು. 3. ಹೆಚ್ಚಿನ ಮಾಹಿತಿಗಾಗಿ ನಗರಸಭೆ ವೆಬ್‌ಸೈಟ್ http://www.sagaracity.gov.in ಅನ್ನು ಸಂಪರ್ಕಿಸಬಹುದು.
ಸಹಿ/- ಪೌರಾಯುಕ್ತರು, ನಗರಸಭೆ, ಸಾಗರ.
Hosadigantha kannada daily Printed & Published by P.S. Prakash on behalf of Jnanabharathi Prakashana Limited. Printed at Diganta Mudrana, New Thirthahalli Road, Shivamogga - 577201
and Published at 'Madhura Nilaya', 4th Cross, Durgigudi, Park Extension, Shivamogga 577202. Ph: (08182) 401752, 8861209076. Editor : P.S. Prakash, Group Editor : Vinayak S. Bhat.
